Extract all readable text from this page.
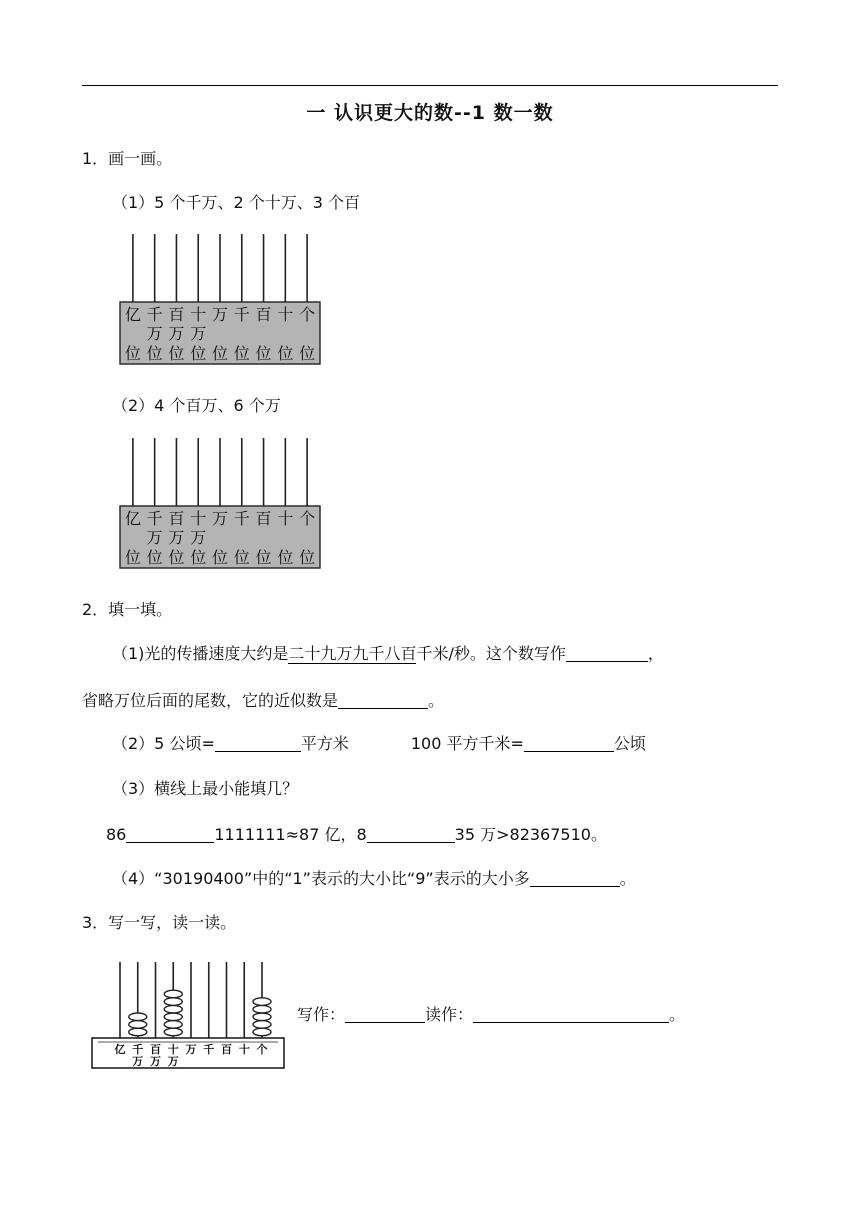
一 认识更大的数--1 数一数
1．画一画。
（1）5 个千万、2 个十万、3 个百
亿
位
千
万
位
百
万
位
十
万
位
万
位
千
位
百
位
十
位
个
位
（2）4 个百万、6 个万
亿
位
千
万
位
百
万
位
十
万
位
万
位
千
位
百
位
十
位
个
位
2．填一填。
（1)光的传播速度大约是二十九万九千八百千米/秒。这个数写作	，
省略万位后面的尾数，它的近似数是	。
（2）5 公顷=	平方米	100 平方千米=	公顷
（3）横线上最小能填几？
86	1111111≈87 亿，8	35 万>82367510。
（4）“30190400”中的“1”表示的大小比“9”表示的大小多	。
3．写一写，读一读。
亿 千
万
百
万
十
万
万 千 百 十 个
写作：	读作：	。
